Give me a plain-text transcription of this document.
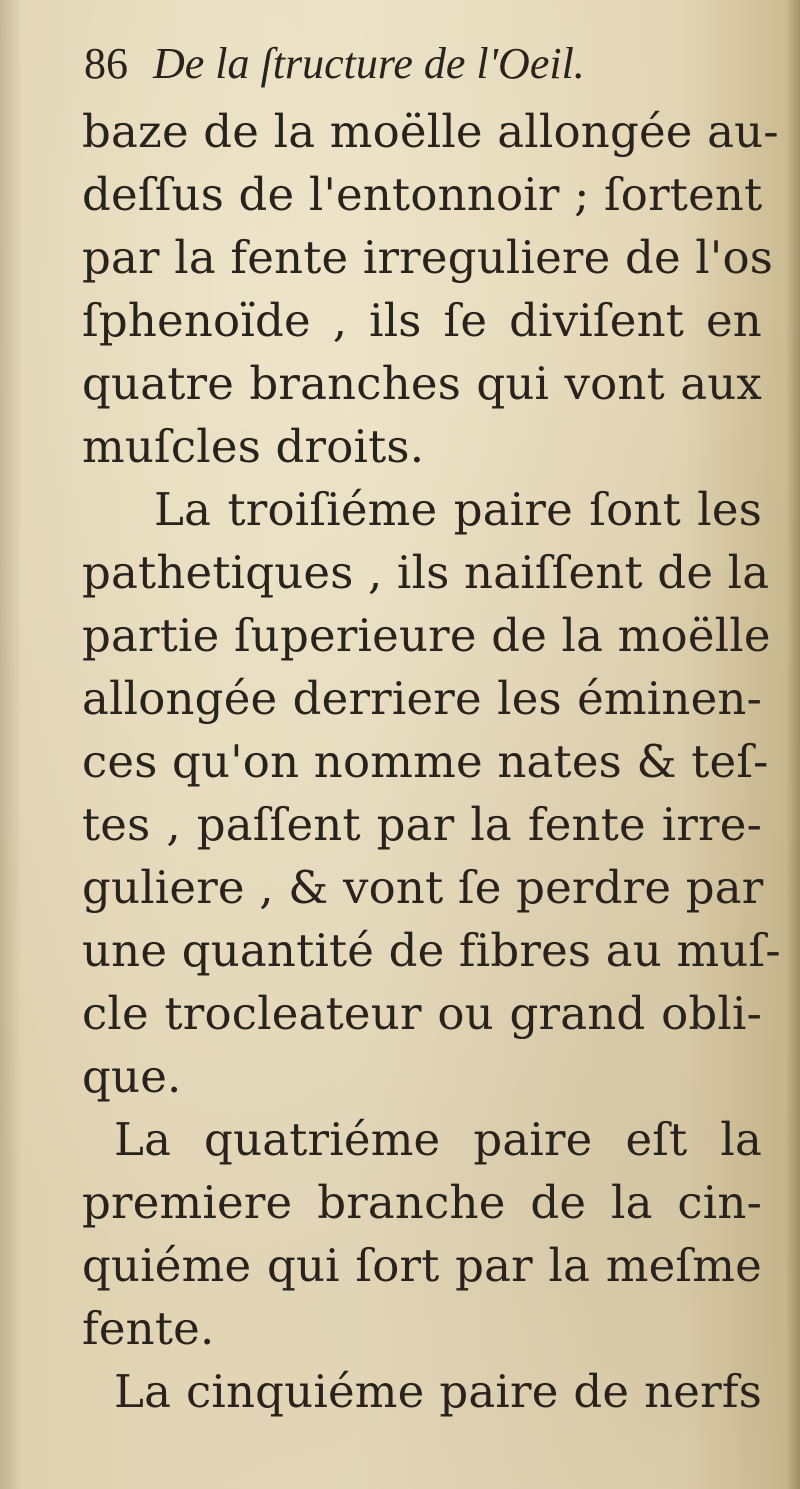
86 De la ſtructure de l'Oeil.
baze de la moëlle allongée au-
deſſus de l'entonnoir ; ſortent
par la fente irreguliere de l'os
ſphenoïde , ils ſe diviſent en
quatre branches qui vont aux
muſcles droits.
La troiſiéme paire ſont les
pathetiques , ils naiſſent de la
partie ſuperieure de la moëlle
allongée derriere les éminen-
ces qu'on nomme nates & teſ-
tes , paſſent par la fente irre-
guliere , & vont ſe perdre par
une quantité de fibres au muſ-
cle trocleateur ou grand obli-
que.
La quatriéme paire eſt la
premiere branche de la cin-
quiéme qui ſort par la meſme
fente.
La cinquiéme paire de nerfs
